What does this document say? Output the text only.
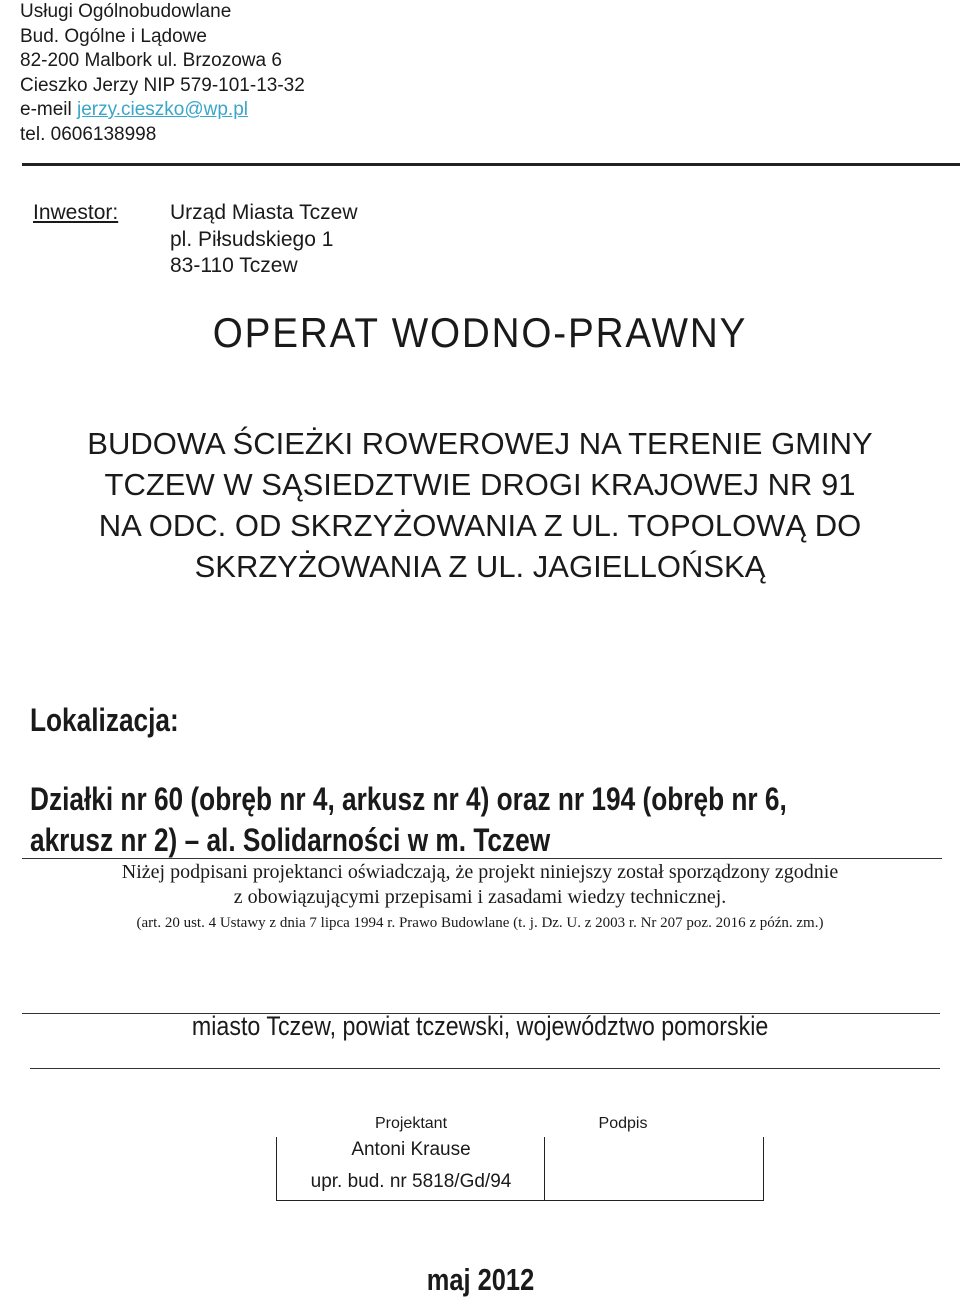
Usługi Ogólnobudowlane
Bud. Ogólne i Lądowe
82-200 Malbork ul. Brzozowa 6
Cieszko Jerzy NIP 579-101-13-32
e-meil jerzy.cieszko@wp.pl
tel. 0606138998
Inwestor: Urząd Miasta Tczew
pl. Piłsudskiego 1
83-110 Tczew
OPERAT WODNO-PRAWNY
BUDOWA ŚCIEŻKI ROWEROWEJ NA TERENIE GMINY
TCZEW W SĄSIEDZTWIE DROGI KRAJOWEJ NR 91
NA ODC. OD SKRZYŻOWANIA Z UL. TOPOLOWĄ DO
SKRZYŻOWANIA Z UL. JAGIELLOŃSKĄ
Lokalizacja:
Działki nr 60 (obręb nr 4, arkusz nr 4) oraz nr 194 (obręb nr 6,
akrusz nr 2) – al. Solidarności w m. Tczew
Niżej podpisani projektanci oświadczają, że projekt niniejszy został sporządzony zgodnie
z obowiązującymi przepisami i zasadami wiedzy technicznej.
(art. 20 ust. 4 Ustawy z dnia 7 lipca 1994 r. Prawo Budowlane (t. j. Dz. U. z 2003 r. Nr 207 poz. 2016 z późn. zm.)
miasto Tczew, powiat tczewski, województwo pomorskie
Projektant	Podpis
Antoni Krause
upr. bud. nr 5818/Gd/94
maj 2012
